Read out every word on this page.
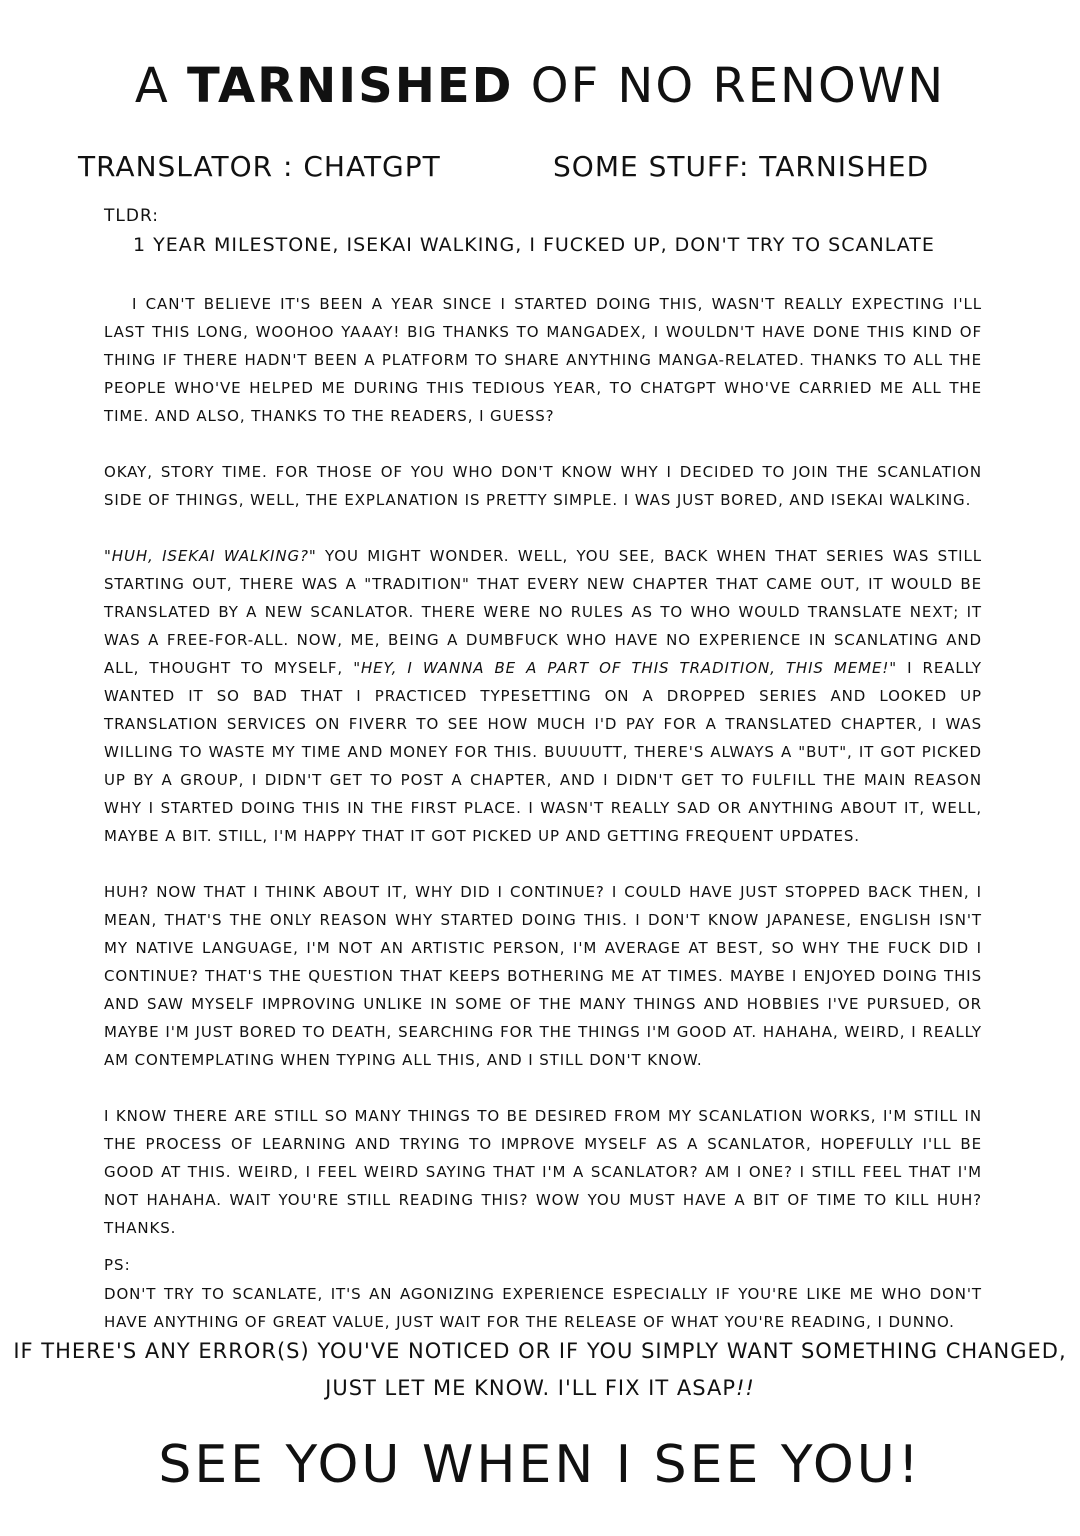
A TARNISHED OF NO RENOWN
TRANSLATOR : CHATGPT	SOME STUFF: TARNISHED
TLDR:
1 YEAR MILESTONE, ISEKAI WALKING, I FUCKED UP, DON'T TRY TO SCANLATE

I CAN'T BELIEVE IT'S BEEN A YEAR SINCE I STARTED DOING THIS, WASN'T REALLY EXPECTING I'LL LAST THIS LONG, WOOHOO YAAAY! BIG THANKS TO MANGADEX, I WOULDN'T HAVE DONE THIS KIND OF THING IF THERE HADN'T BEEN A PLATFORM TO SHARE ANYTHING MANGA-RELATED. THANKS TO ALL THE PEOPLE WHO'VE HELPED ME DURING THIS TEDIOUS YEAR, TO CHATGPT WHO'VE CARRIED ME ALL THE TIME. AND ALSO, THANKS TO THE READERS, I GUESS?

OKAY, STORY TIME. FOR THOSE OF YOU WHO DON'T KNOW WHY I DECIDED TO JOIN THE SCANLATION SIDE OF THINGS, WELL, THE EXPLANATION IS PRETTY SIMPLE. I WAS JUST BORED, AND ISEKAI WALKING.

"HUH, ISEKAI WALKING?" YOU MIGHT WONDER. WELL, YOU SEE, BACK WHEN THAT SERIES WAS STILL STARTING OUT, THERE WAS A "TRADITION" THAT EVERY NEW CHAPTER THAT CAME OUT, IT WOULD BE TRANSLATED BY A NEW SCANLATOR. THERE WERE NO RULES AS TO WHO WOULD TRANSLATE NEXT; IT WAS A FREE-FOR-ALL. NOW, ME, BEING A DUMBFUCK WHO HAVE NO EXPERIENCE IN SCANLATING AND ALL, THOUGHT TO MYSELF, "HEY, I WANNA BE A PART OF THIS TRADITION, THIS MEME!" I REALLY WANTED IT SO BAD THAT I PRACTICED TYPESETTING ON A DROPPED SERIES AND LOOKED UP TRANSLATION SERVICES ON FIVERR TO SEE HOW MUCH I'D PAY FOR A TRANSLATED CHAPTER, I WAS WILLING TO WASTE MY TIME AND MONEY FOR THIS. BUUUUTT, THERE'S ALWAYS A "BUT", IT GOT PICKED UP BY A GROUP, I DIDN'T GET TO POST A CHAPTER, AND I DIDN'T GET TO FULFILL THE MAIN REASON WHY I STARTED DOING THIS IN THE FIRST PLACE. I WASN'T REALLY SAD OR ANYTHING ABOUT IT, WELL, MAYBE A BIT. STILL, I'M HAPPY THAT IT GOT PICKED UP AND GETTING FREQUENT UPDATES.

HUH? NOW THAT I THINK ABOUT IT, WHY DID I CONTINUE? I COULD HAVE JUST STOPPED BACK THEN, I MEAN, THAT'S THE ONLY REASON WHY STARTED DOING THIS. I DON'T KNOW JAPANESE, ENGLISH ISN'T MY NATIVE LANGUAGE, I'M NOT AN ARTISTIC PERSON, I'M AVERAGE AT BEST, SO WHY THE FUCK DID I CONTINUE? THAT'S THE QUESTION THAT KEEPS BOTHERING ME AT TIMES. MAYBE I ENJOYED DOING THIS AND SAW MYSELF IMPROVING UNLIKE IN SOME OF THE MANY THINGS AND HOBBIES I'VE PURSUED, OR MAYBE I'M JUST BORED TO DEATH, SEARCHING FOR THE THINGS I'M GOOD AT. HAHAHA, WEIRD, I REALLY AM CONTEMPLATING WHEN TYPING ALL THIS, AND I STILL DON'T KNOW.

I KNOW THERE ARE STILL SO MANY THINGS TO BE DESIRED FROM MY SCANLATION WORKS, I'M STILL IN THE PROCESS OF LEARNING AND TRYING TO IMPROVE MYSELF AS A SCANLATOR, HOPEFULLY I'LL BE GOOD AT THIS. WEIRD, I FEEL WEIRD SAYING THAT I'M A SCANLATOR? AM I ONE? I STILL FEEL THAT I'M NOT HAHAHA. WAIT YOU'RE STILL READING THIS? WOW YOU MUST HAVE A BIT OF TIME TO KILL HUH? THANKS.

PS:

DON'T TRY TO SCANLATE, IT'S AN AGONIZING EXPERIENCE ESPECIALLY IF YOU'RE LIKE ME WHO DON'T HAVE ANYTHING OF GREAT VALUE, JUST WAIT FOR THE RELEASE OF WHAT YOU'RE READING, I DUNNO.

IF THERE'S ANY ERROR(S) YOU'VE NOTICED OR IF YOU SIMPLY WANT SOMETHING CHANGED,
JUST LET ME KNOW. I'LL FIX IT ASAP!!
SEE YOU WHEN I SEE YOU!
